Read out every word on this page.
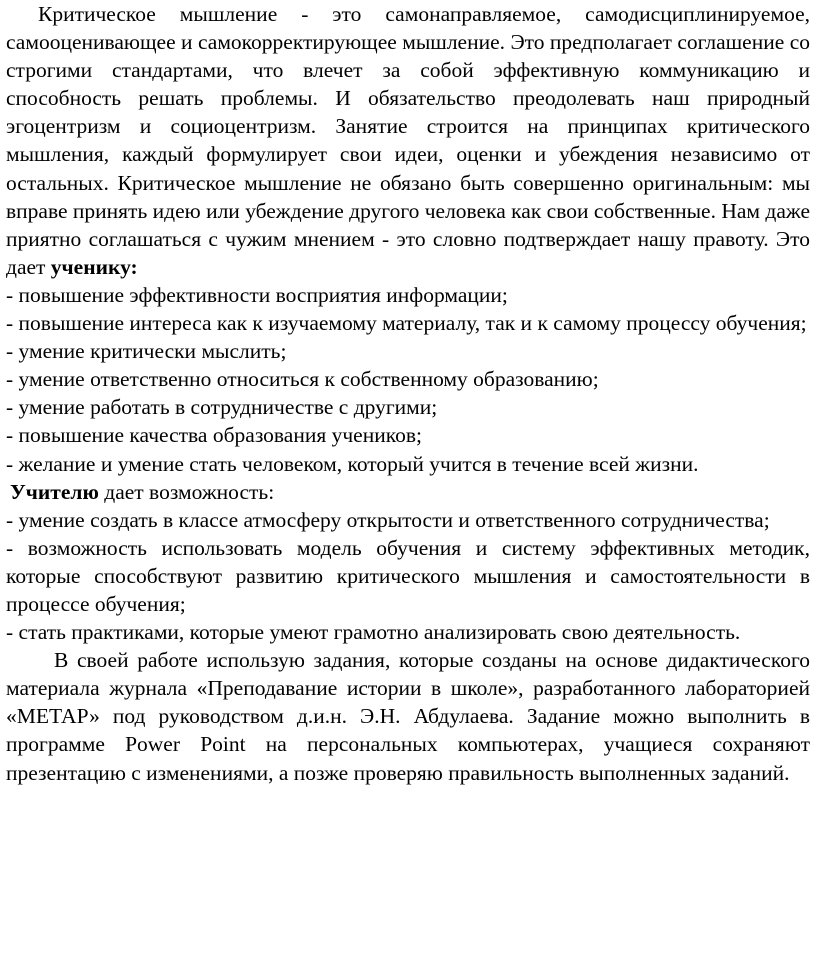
Критическое мышление - это самонаправляемое, самодисциплинируемое, самооценивающее и самокорректирующее мышление. Это предполагает соглашение со строгими стандартами, что влечет за собой эффективную коммуникацию и способность решать проблемы. И обязательство преодолевать наш природный эгоцентризм и социоцентризм. Занятие строится на принципах критического мышления, каждый формулирует свои идеи, оценки и убеждения независимо от остальных. Критическое мышление не обязано быть совершенно оригинальным: мы вправе принять идею или убеждение другого человека как свои собственные. Нам даже приятно соглашаться с чужим мнением - это словно подтверждает нашу правоту. Это дает ученику:

- повышение эффективности восприятия информации;

- повышение интереса как к изучаемому материалу, так и к самому процессу обучения;

- умение критически мыслить;

- умение ответственно относиться к собственному образованию;

- умение работать в сотрудничестве с другими;

- повышение качества образования учеников;

- желание и умение стать человеком, который учится в течение всей жизни.

Учителю дает возможность:

- умение создать в классе атмосферу открытости и ответственного сотрудничества;

- возможность использовать модель обучения и систему эффективных методик, которые способствуют развитию критического мышления и самостоятельности в процессе обучения;

- стать практиками, которые умеют грамотно анализировать свою деятельность.

В своей работе использую задания, которые созданы на основе дидактического материала журнала «Преподавание истории в школе», разработанного лабораторией «МЕТАР» под руководством д.и.н. Э.Н. Абдулаева. Задание можно выполнить в программе Power Point на персональных компьютерах, учащиеся сохраняют презентацию с изменениями, а позже проверяю правильность выполненных заданий.
